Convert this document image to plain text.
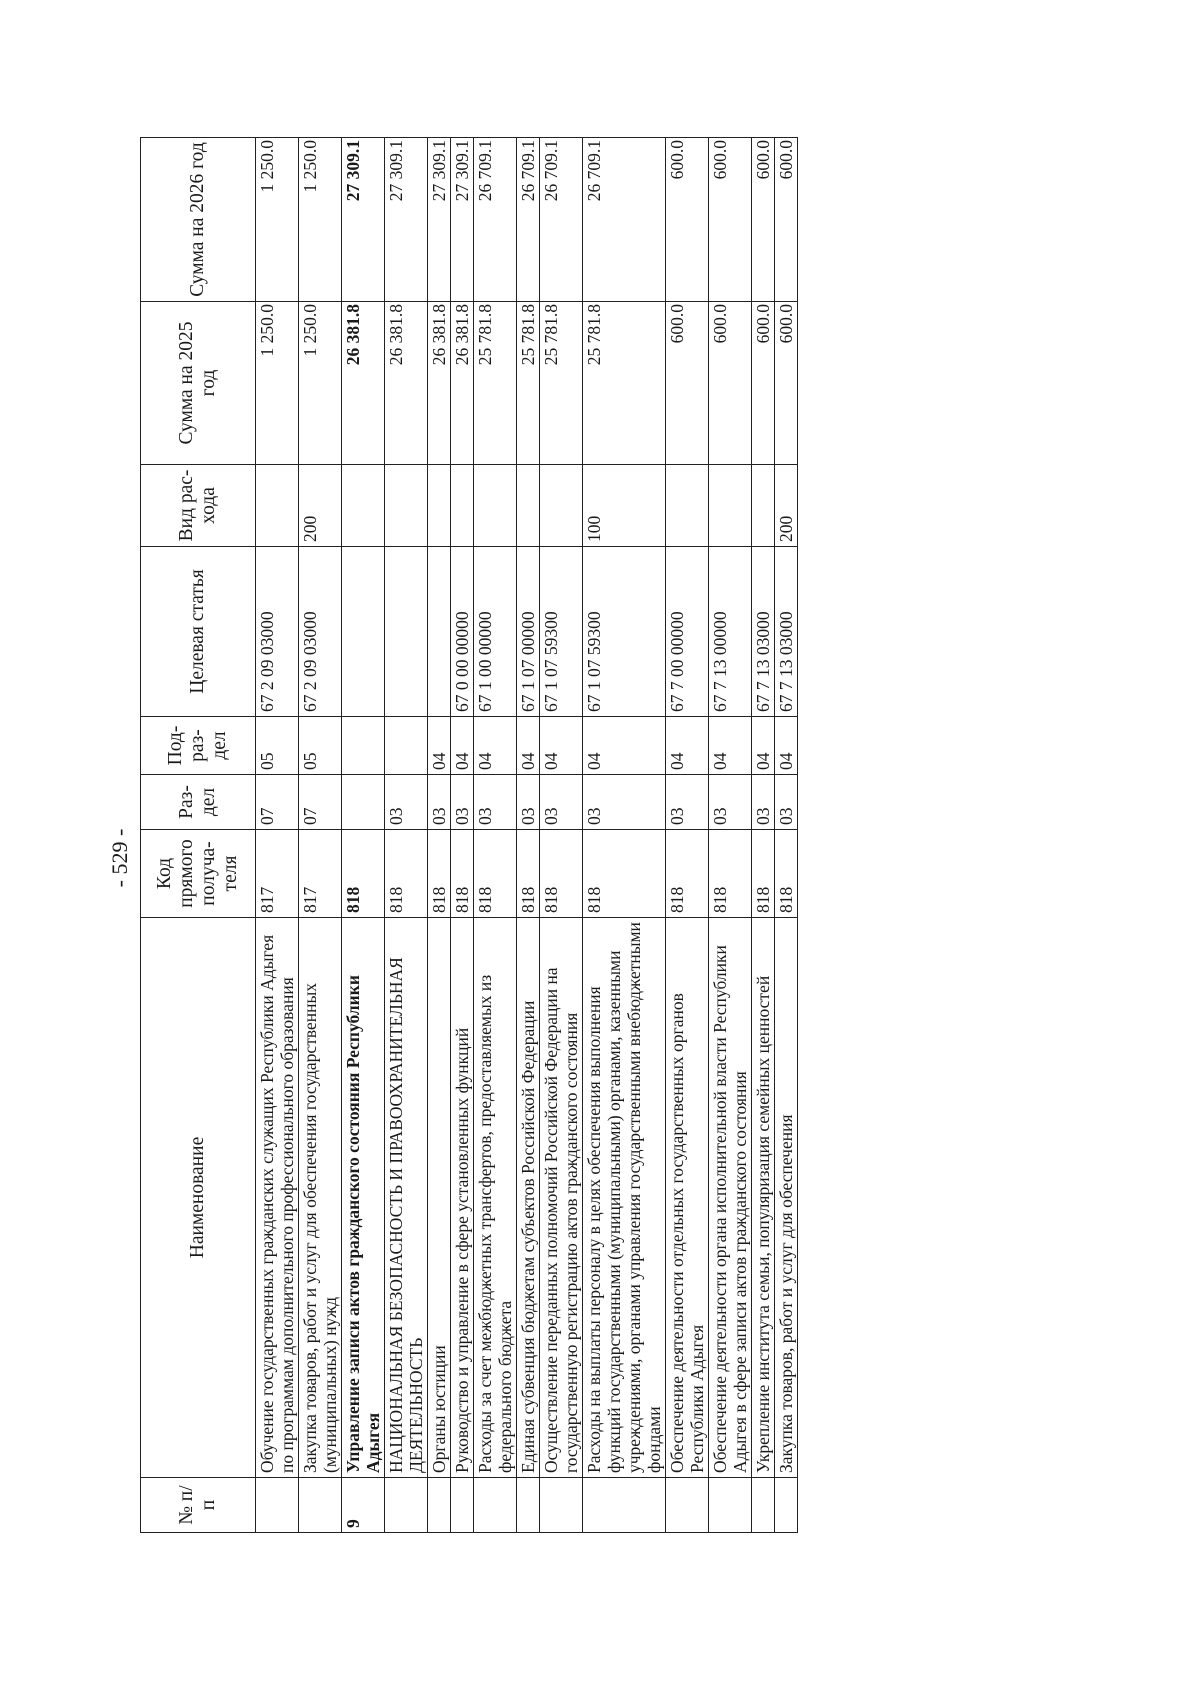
- 529 -
№ п/п	Наименование	Код прямого получа-теля	Раз-дел	Под-раз-дел	Целевая статья	Вид рас-хода	Сумма на 2025 год	Сумма на 2026 год
	Обучение государственных гражданских служащих Республики Адыгея по программам дополнительного профессионального образования	817	07	05	67 2 09 03000		1 250.0	1 250.0
	Закупка товаров, работ и услуг для обеспечения государственных (муниципальных) нужд	817	07	05	67 2 09 03000	200	1 250.0	1 250.0
9	Управление записи актов гражданского состояния Республики Адыгея	818					26 381.8	27 309.1
	НАЦИОНАЛЬНАЯ БЕЗОПАСНОСТЬ И ПРАВООХРАНИТЕЛЬНАЯ ДЕЯТЕЛЬНОСТЬ	818	03				26 381.8	27 309.1
	Органы юстиции	818	03	04			26 381.8	27 309.1
	Руководство и управление в сфере установленных функций	818	03	04	67 0 00 00000		26 381.8	27 309.1
	Расходы за счет межбюджетных трансфертов, предоставляемых из федерального бюджета	818	03	04	67 1 00 00000		25 781.8	26 709.1
	Единая субвенция бюджетам субъектов Российской Федерации	818	03	04	67 1 07 00000		25 781.8	26 709.1
	Осуществление переданных полномочий Российской Федерации на государственную регистрацию актов гражданского состояния	818	03	04	67 1 07 59300		25 781.8	26 709.1
	Расходы на выплаты персоналу в целях обеспечения выполнения функций государственными (муниципальными) органами, казенными учреждениями, органами управления государственными внебюджетными фондами	818	03	04	67 1 07 59300	100	25 781.8	26 709.1
	Обеспечение деятельности отдельных государственных органов Республики Адыгея	818	03	04	67 7 00 00000		600.0	600.0
	Обеспечение деятельности органа исполнительной власти Республики Адыгея в сфере записи актов гражданского состояния	818	03	04	67 7 13 00000		600.0	600.0
	Укрепление института семьи, популяризация семейных ценностей	818	03	04	67 7 13 03000		600.0	600.0
	Закупка товаров, работ и услуг для обеспечения	818	03	04	67 7 13 03000	200	600.0	600.0
